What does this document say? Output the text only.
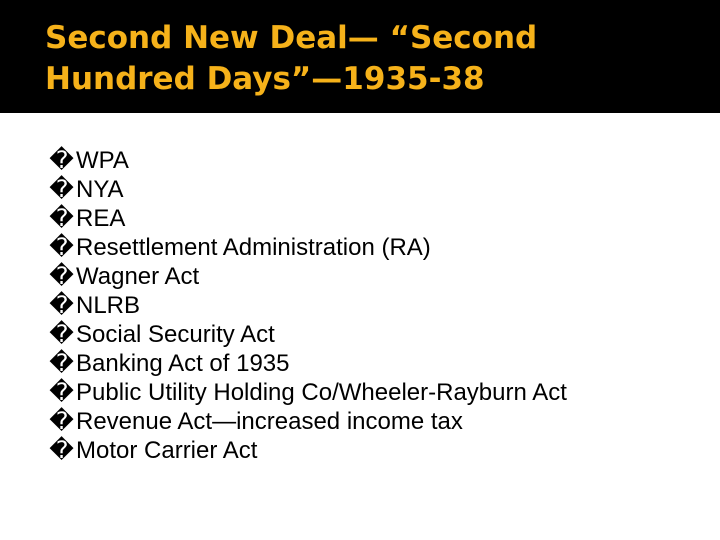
Second New Deal— “Second
Hundred Days”—1935-38
� WPA
� NYA
� REA
� Resettlement Administration (RA)
� Wagner Act
� NLRB
� Social Security Act
� Banking Act of 1935
� Public Utility Holding Co/Wheeler-Rayburn Act
� Revenue Act—increased income tax
� Motor Carrier Act
